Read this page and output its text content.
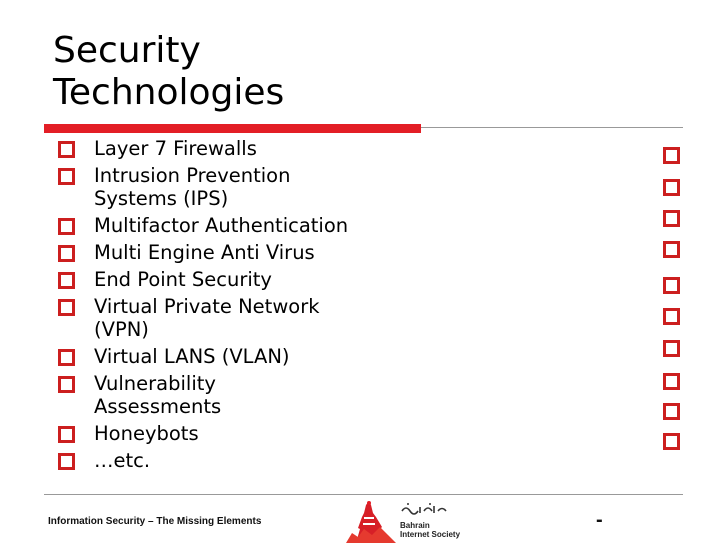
Security
Technologies
Layer 7 Firewalls
Intrusion Prevention
Systems (IPS)
Multifactor Authentication
Multi Engine Anti Virus
End Point Security
Virtual Private Network
(VPN)
Virtual LANS (VLAN)
Vulnerability
Assessments
Honeybots
…etc.
Information Security – The Missing Elements	Bahrain
Internet Society
-
